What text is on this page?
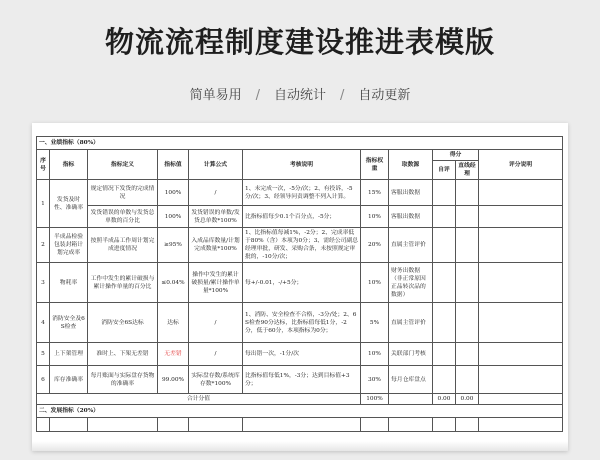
物流流程制度建设推进表模版
简单易用 / 自动统计 / 自动更新
一、业绩指标（80%）										
序号	指标	指标定义	指标值	计算公式	考核说明	指标权重	取数源	得分		评分说明
								自评	直线经理	
1	发货及时性、准确率	规定情况下发货的完成情况	100%	/	1、未完成一次，-5分/次；2、有投诉，-5分/次；3、经领导问责调整不列入计算。	15%	客服出数据			
		发货错误的单数与发货总单数的百分比	100%	发货错误的单数/发货总单数*100%	比指标值每少0.1个百分点，-5分；	10%	客服出数据			
2	半成品检验包装封箱计划完成率	按照半成品工作周计划完成进度情况	≥95%	入成品库数量/计划完成数量*100%	1、比指标值每减1%，-2分；2、完成率低于80%（含）本项为0分；3、需经公司副总经理审批，研发、采购合条，未按照规定审批的，-10分/次；	20%	直属主管评价			
3	物耗率	工作中发生的累计破损与累计操作单量的百分比	≤0.04%	操作中发生的累计破损量/累计操作单量*100%	每+/-0.01，-/+5分；	10%	财务出数据（非正常原因正品转次品的数据）			
4	消防安全及6S检查	消防安全6S达标	达标	/	1、消防、安全检查不合格，-3分/处；2、6S检查90分达标，比指标值每低1分，-2分，低于60分，本项指标为0分；	5%	直属主管评价			
5	上下架管理	准时上、下架无差错	无差错	/	每出错一次，-1分/次	10%	关联部门考核			
6	库存准确率	每月账面与实际盘存货物的准确率	99.00%	实际盘存数/系统库存数*100%	比指标值每低1%，-3分；达到目标值+3分；	30%	每月仓库盘点			
合计分值						100%		0.00	0.00	
二、发展指标（20%）										
